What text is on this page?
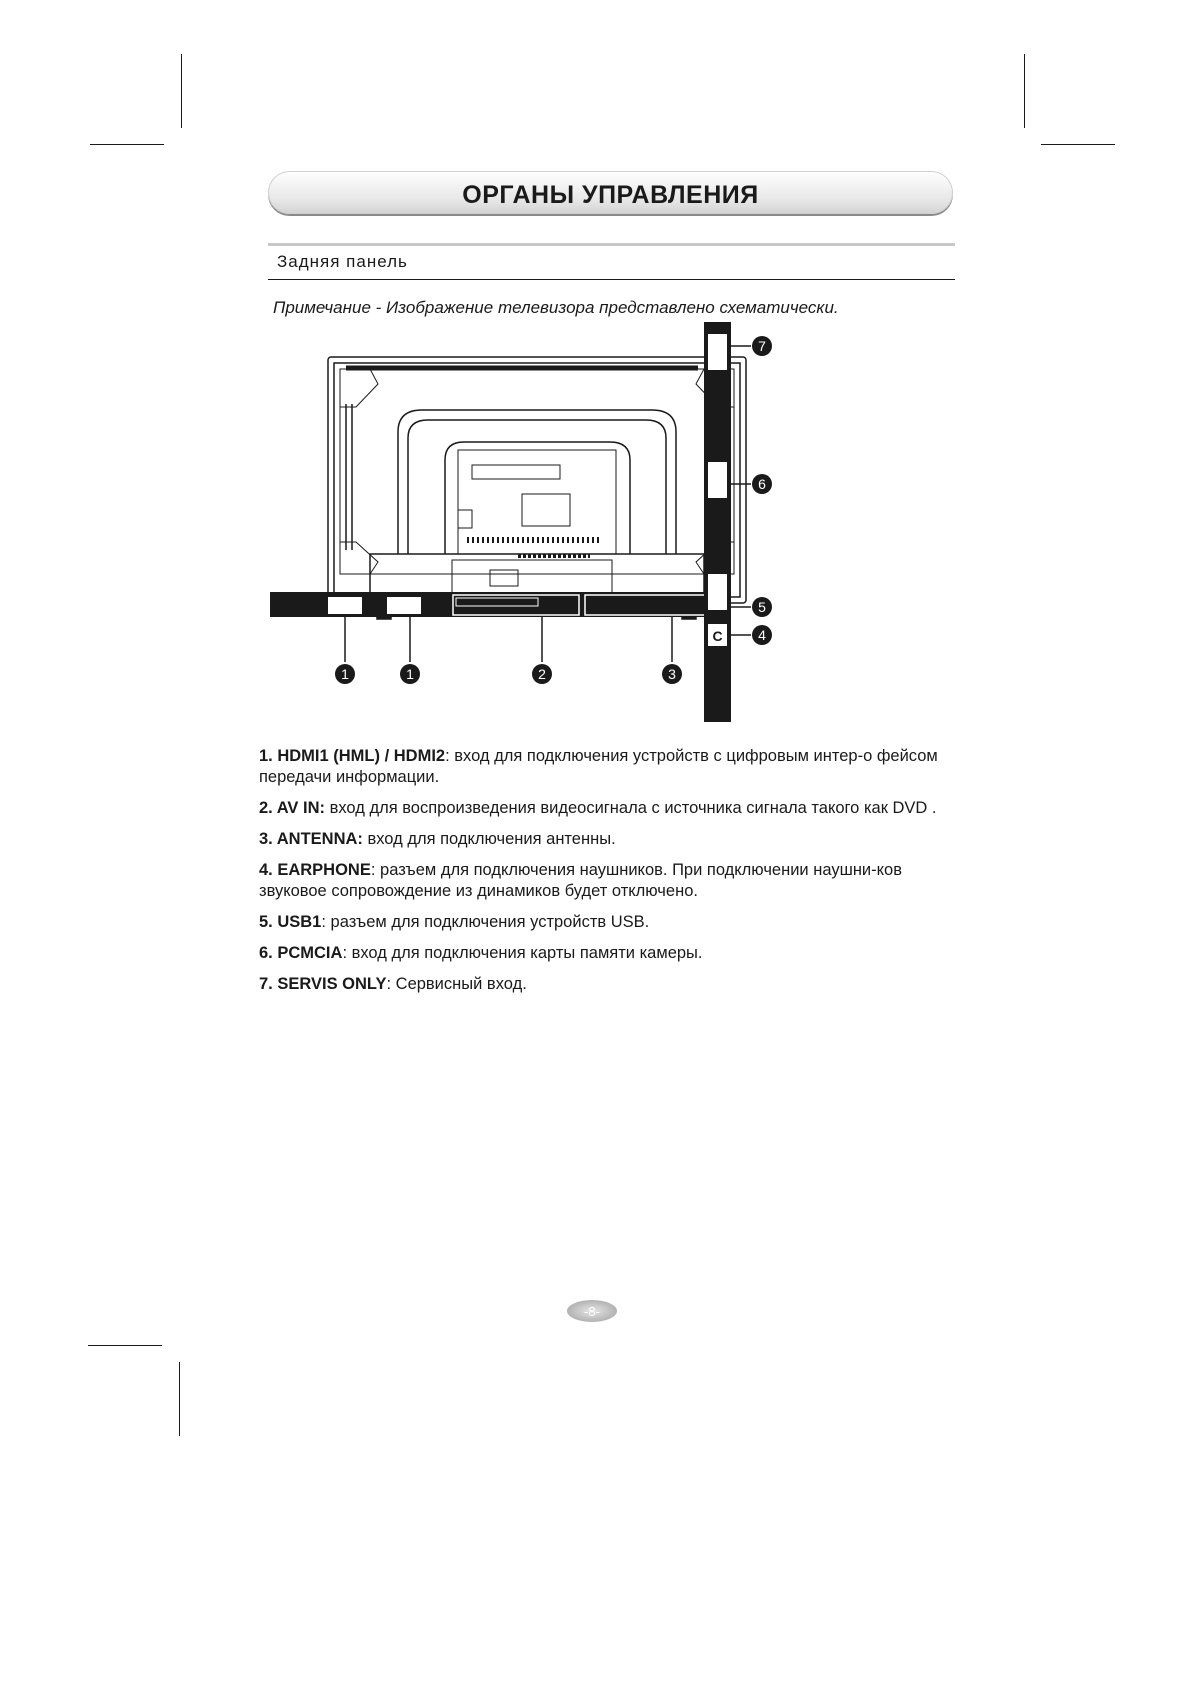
ОРГАНЫ УПРАВЛЕНИЯ
Задняя панель
Примечание - Изображение телевизора представлено схематически.
C
1	1	2	3
4
5
6
7

1. HDMI1 (HML) / HDMI2: вход для подключения устройств с цифровым интер-о фейсом передачи информации.

2. AV IN: вход для воспроизведения видеосигнала с источника сигнала такого как DVD .

3. ANTENNA: вход для подключения антенны.

4. EARPHONE: разъем для подключения наушников. При подключении наушни-ков звуковое сопровождение из динамиков будет отключено.

5. USB1: разъем для подключения устройств USB.

6. PCMCIA: вход для подключения карты памяти камеры.

7. SERVIS ONLY: Сервисный вход.

-8-
